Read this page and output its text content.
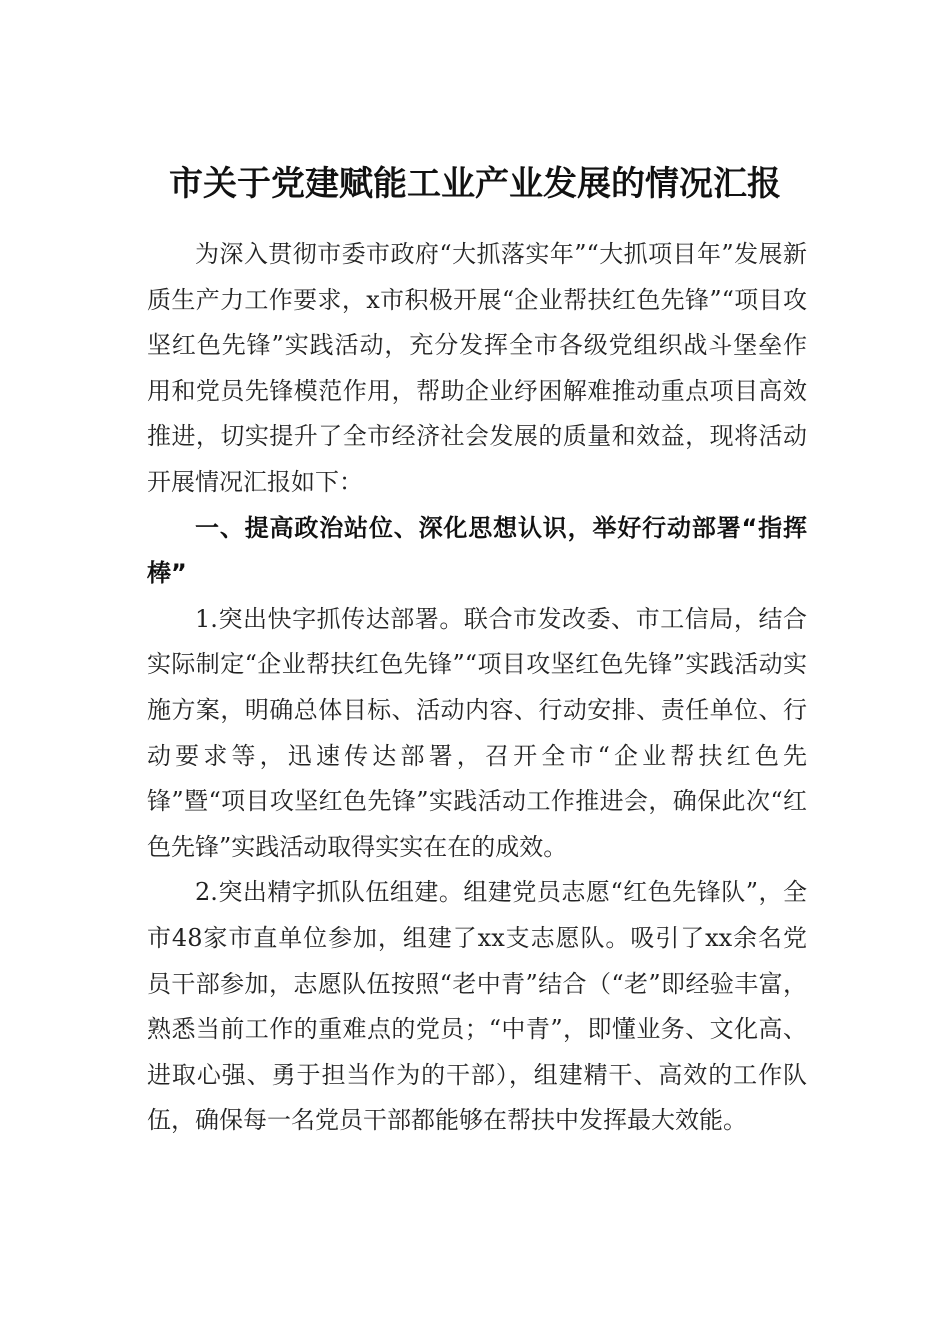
市关于党建赋能工业产业发展的情况汇报

为深入贯彻市委市政府“大抓落实年”“大抓项目年”发展新质生产力工作要求，x市积极开展“企业帮扶红色先锋”“项目攻坚红色先锋”实践活动，充分发挥全市各级党组织战斗堡垒作用和党员先锋模范作用，帮助企业纾困解难推动重点项目高效推进，切实提升了全市经济社会发展的质量和效益，现将活动开展情况汇报如下：

一、提高政治站位、深化思想认识，举好行动部署“指挥棒”

1.突出快字抓传达部署。联合市发改委、市工信局，结合实际制定“企业帮扶红色先锋”“项目攻坚红色先锋”实践活动实施方案，明确总体目标、活动内容、行动安排、责任单位、行动要求等，迅速传达部署，召开全市“企业帮扶红色先锋”暨“项目攻坚红色先锋”实践活动工作推进会，确保此次“红色先锋”实践活动取得实实在在的成效。

2.突出精字抓队伍组建。组建党员志愿“红色先锋队”，全市48家市直单位参加，组建了xx支志愿队。吸引了xx余名党员干部参加，志愿队伍按照“老中青”结合（“老”即经验丰富，熟悉当前工作的重难点的党员；“中青”，即懂业务、文化高、进取心强、勇于担当作为的干部），组建精干、高效的工作队伍，确保每一名党员干部都能够在帮扶中发挥最大效能。
